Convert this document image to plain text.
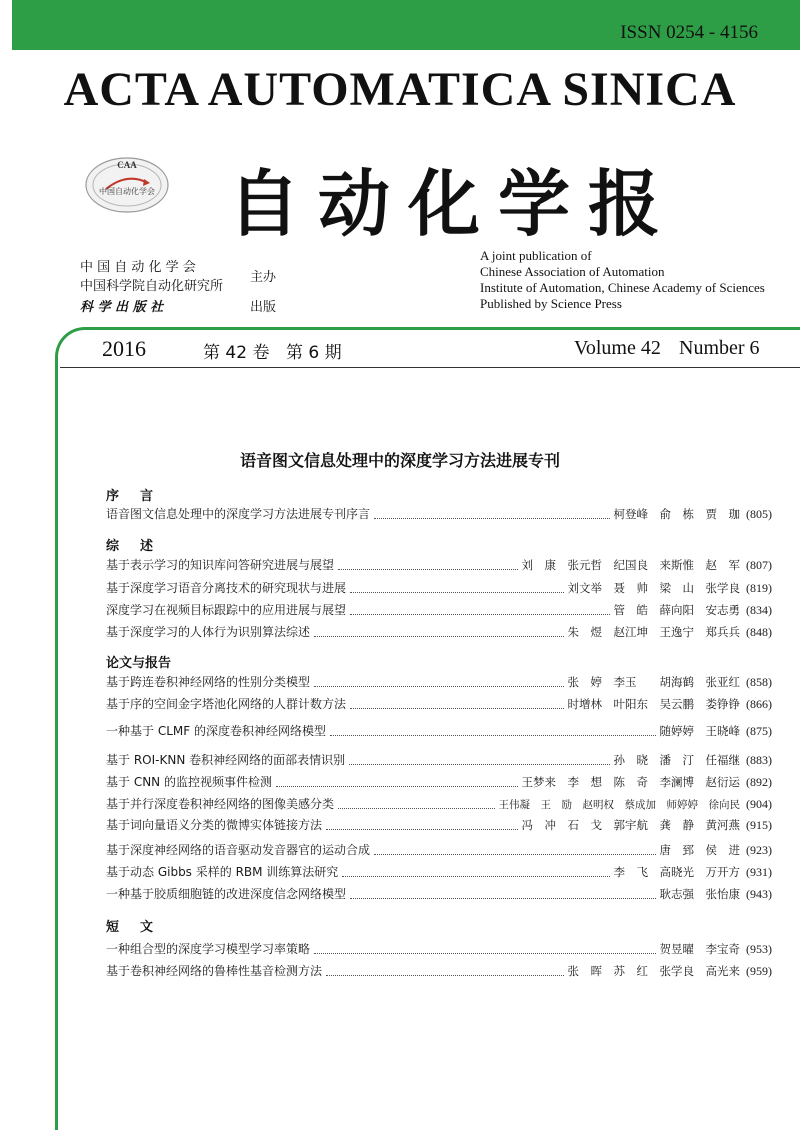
ISSN 0254 - 4156
ACTA AUTOMATICA SINICA
CAA
中国自动化学会 自动化学报
中 国 自 动 化 学 会
中国科学院自动化研究所
科 学 出 版 社
主办
出版
A joint publication of
Chinese Association of Automation
Institute of Automation, Chinese Academy of Sciences
Published by Science Press
2016	第 42 卷 第 6 期	Volume 42 Number 6
语音图文信息处理中的深度学习方法进展专刊
序　言
语音图文信息处理中的深度学习方法进展专刊序言	柯登峰　俞　栋　贾　珈 (805)
综　述
基于表示学习的知识库问答研究进展与展望	刘　康　张元哲　纪国良　来斯惟　赵　军 (807)
基于深度学习语音分离技术的研究现状与进展	刘文举　聂　帅　梁　山　张学良 (819)
深度学习在视频目标跟踪中的应用进展与展望	管　皓　薛向阳　安志勇 (834)
基于深度学习的人体行为识别算法综述	朱　煜　赵江坤　王逸宁　郑兵兵 (848)
论文与报告
基于跨连卷积神经网络的性别分类模型	张　婷　李玉　　胡海鹤　张亚红 (858)
基于序的空间金字塔池化网络的人群计数方法	时增林　叶阳东　吴云鹏　娄铮铮 (866)
一种基于 CLMF 的深度卷积神经网络模型	随婷婷　王晓峰 (875)
基于 ROI-KNN 卷积神经网络的面部表情识别	孙　晓　潘　汀　任福继 (883)
基于 CNN 的监控视频事件检测	王梦来　李　想　陈　奇　李澜博　赵衍运 (892)
基于并行深度卷积神经网络的图像美感分类	王伟凝　王　励　赵明权　蔡成加　师婷婷　徐向民 (904)
基于词向量语义分类的微博实体链接方法	冯　冲　石　戈　郭宇航　龚　静　黄河燕 (915)
基于深度神经网络的语音驱动发音器官的运动合成	唐　郅　侯　进 (923)
基于动态 Gibbs 采样的 RBM 训练算法研究	李　飞　高晓光　万开方 (931)
一种基于胶质细胞链的改进深度信念网络模型	耿志强　张怡康 (943)
短　文
一种组合型的深度学习模型学习率策略	贺昱曜　李宝奇 (953)
基于卷积神经网络的鲁棒性基音检测方法	张　晖　苏　红　张学良　高光来 (959)
